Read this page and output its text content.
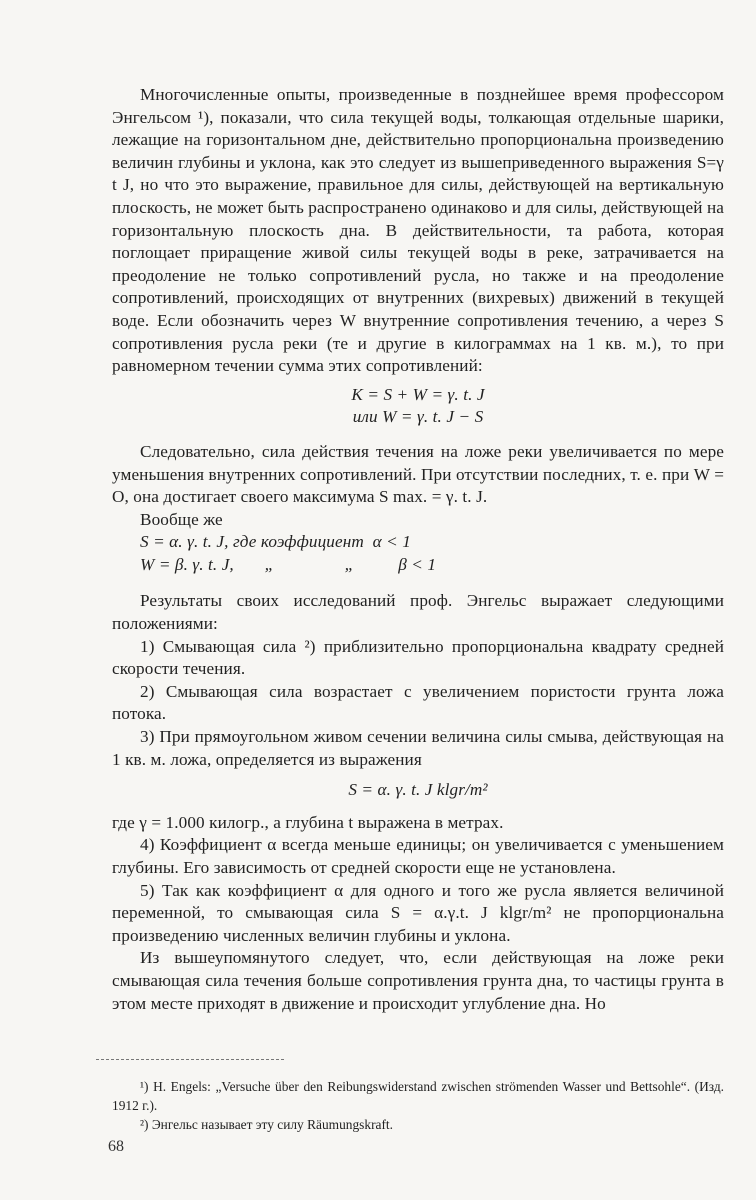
Многочисленные опыты, произведенные в позднейшее время профессором Энгельсом ¹), показали, что сила текущей воды, толкающая отдельные шарики, лежащие на горизонтальном дне, действительно пропорциональна произведению величин глубины и уклона, как это следует из вышеприведенного выражения S=γ t J, но что это выражение, правильное для силы, действующей на вертикальную плоскость, не может быть распространено одинаково и для силы, действующей на горизонтальную плоскость дна. В действительности, та работа, которая поглощает приращение живой силы текущей воды в реке, затрачивается на преодоление не только сопротивлений русла, но также и на преодоление сопротивлений, происходящих от внутренних (вихревых) движений в текущей воде. Если обозначить через W внутренние сопротивления течению, а через S сопротивления русла реки (те и другие в килограммах на 1 кв. м.), то при равномерном течении сумма этих сопротивлений:

K = S + W = γ. t. J

или W = γ. t. J − S

Следовательно, сила действия течения на ложе реки увеличивается по мере уменьшения внутренних сопротивлений. При отсутствии последних, т. е. при W = O, она достигает своего максимума S max. = γ. t. J.

Вообще же
S = α. γ. t. J, где коэффициент  α < 1
W = β. γ. t. J,       „                „          β < 1

Результаты своих исследований проф. Энгельс выражает следующими положениями:

1) Смывающая сила ²) приблизительно пропорциональна квадрату средней скорости течения.

2) Смывающая сила возрастает с увеличением пористости грунта ложа потока.

3) При прямоугольном живом сечении величина силы смыва, действующая на 1 кв. м. ложа, определяется из выражения

S = α. γ. t. J klgr/m²

где γ = 1.000 килогр., а глубина t выражена в метрах.

4) Коэффициент α всегда меньше единицы; он увеличивается с уменьшением глубины. Его зависимость от средней скорости еще не установлена.

5) Так как коэффициент α для одного и того же русла является величиной переменной, то смывающая сила S = α.γ.t. J klgr/m² не пропорциональна произведению численных величин глубины и уклона.

Из вышеупомянутого следует, что, если действующая на ложе реки смывающая сила течения больше сопротивления грунта дна, то частицы грунта в этом месте приходят в движение и происходит углубление дна. Но

¹) H. Engels: „Versuche über den Reibungswiderstand zwischen strömenden Wasser und Bettsohle“. (Изд. 1912 г.).

²) Энгельс называет эту силу Räumungskraft.

68
